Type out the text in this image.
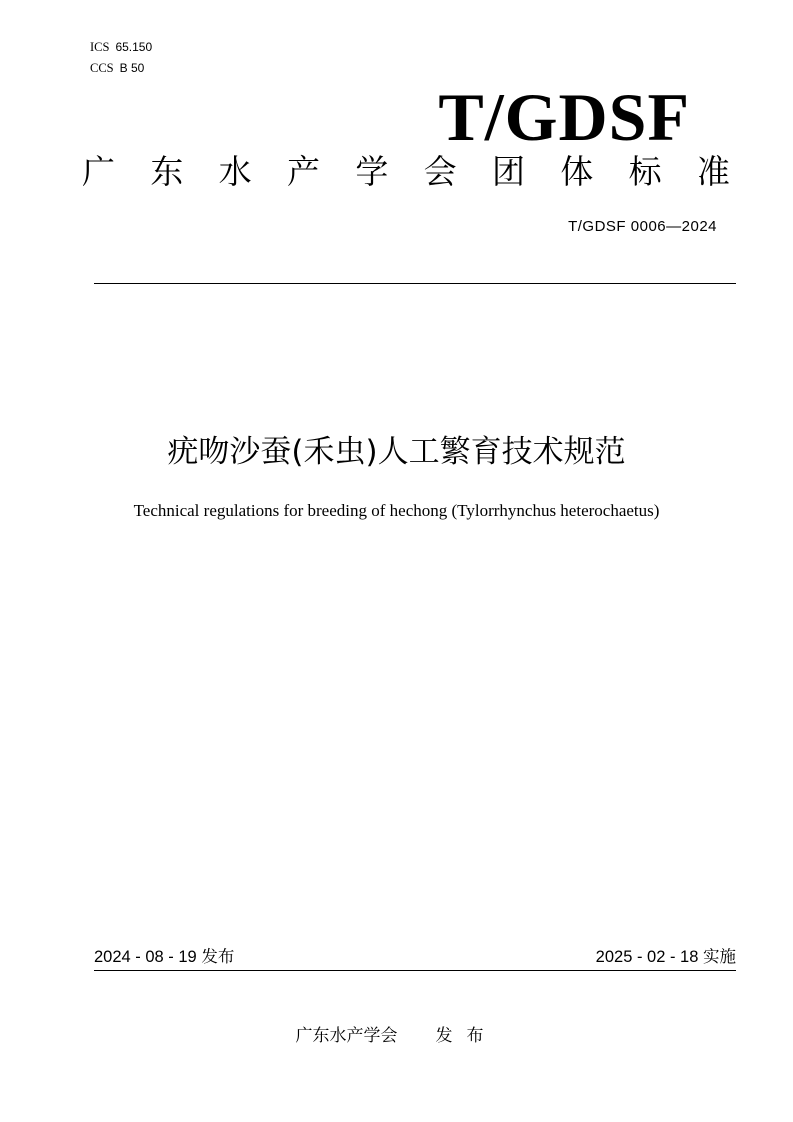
ICS 65.150
CCS B 50
T/GDSF
广 东 水 产 学 会 团 体 标 准
T/GDSF 0006—2024
疣吻沙蚕(禾虫)人工繁育技术规范
Technical regulations for breeding of hechong (Tylorrhynchus heterochaetus)
2024 - 08 - 19 发布	2025 - 02 - 18 实施
广东水产学会 发布
